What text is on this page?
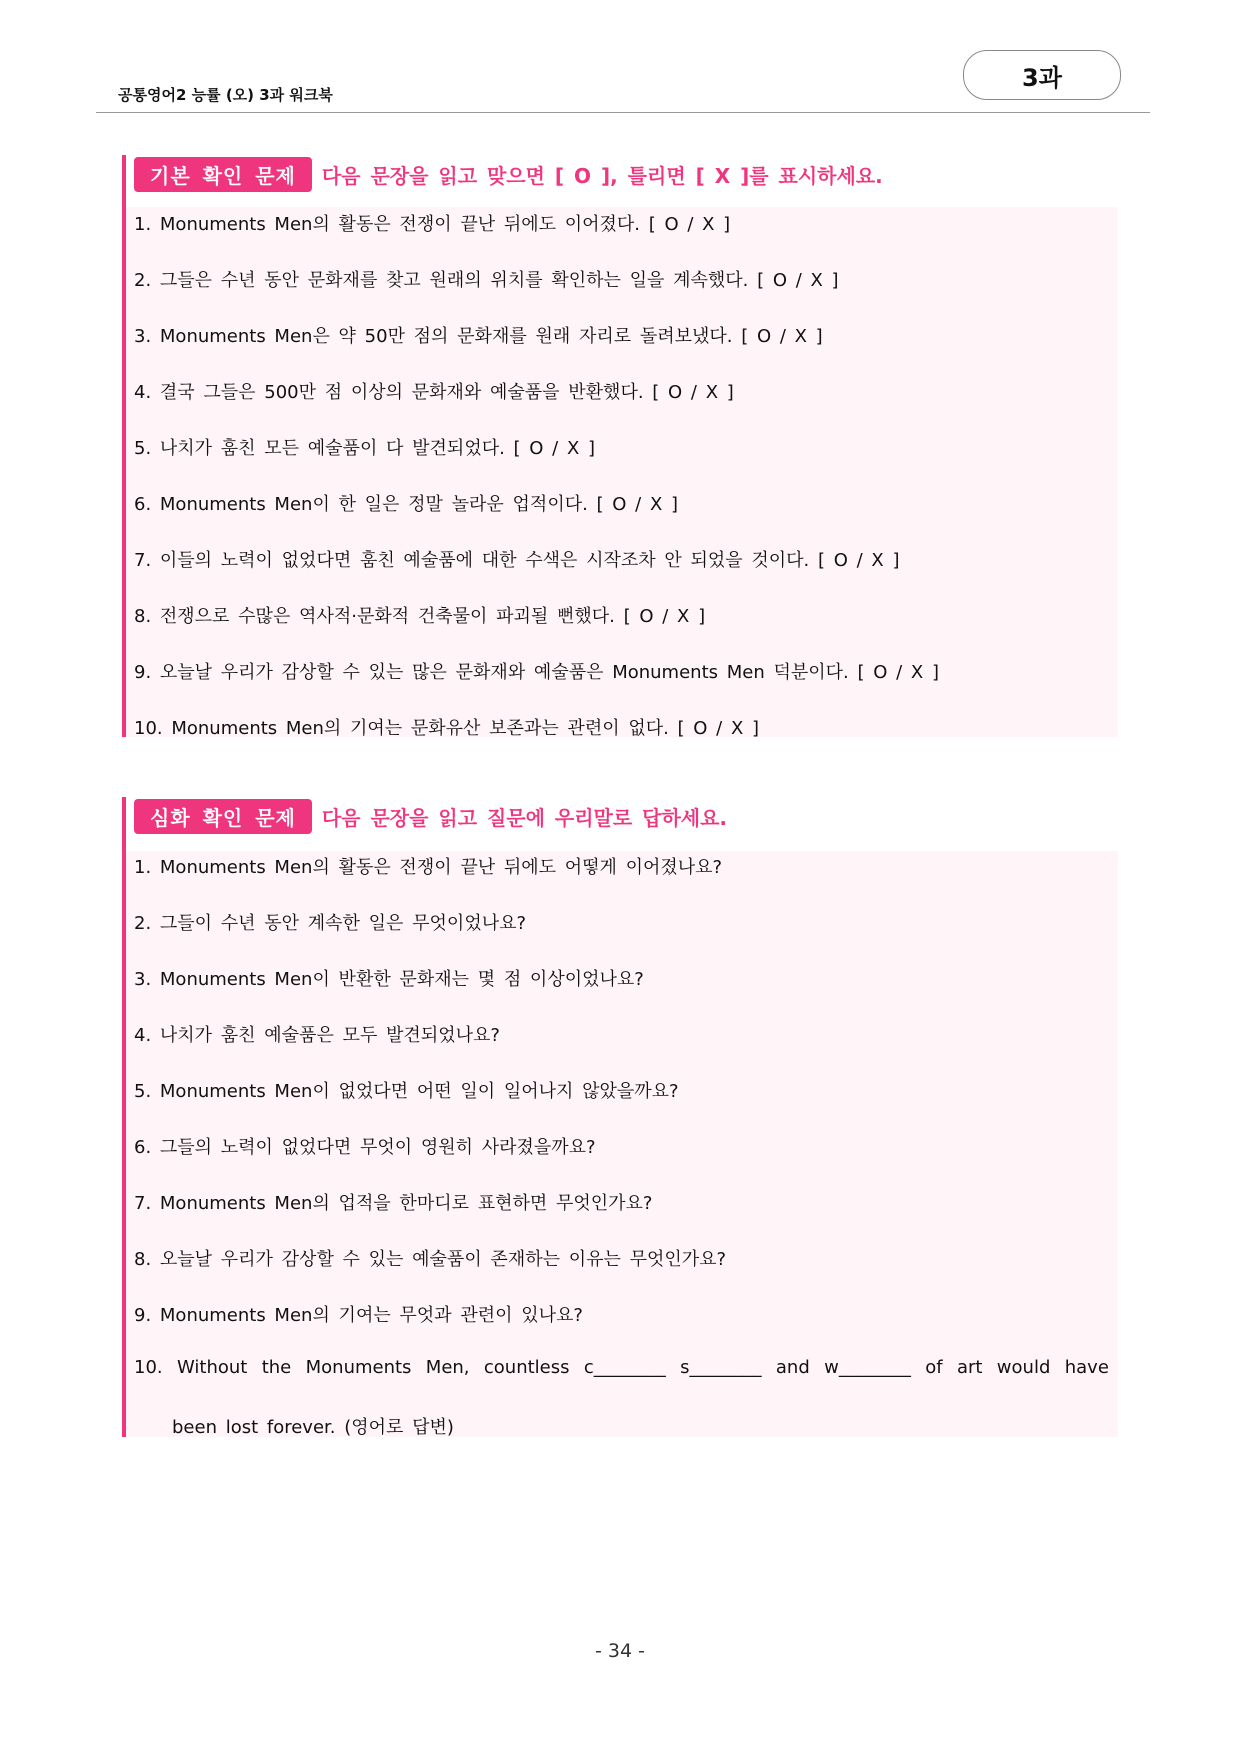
공통영어2 능률 (오) 3과 워크북
3과
기본 확인 문제	다음 문장을 읽고 맞으면 [ O ], 틀리면 [ X ]를 표시하세요.
1. Monuments Men의 활동은 전쟁이 끝난 뒤에도 이어졌다. [ O / X ]
2. 그들은 수년 동안 문화재를 찾고 원래의 위치를 확인하는 일을 계속했다. [ O / X ]
3. Monuments Men은 약 50만 점의 문화재를 원래 자리로 돌려보냈다. [ O / X ]
4. 결국 그들은 500만 점 이상의 문화재와 예술품을 반환했다. [ O / X ]
5. 나치가 훔친 모든 예술품이 다 발견되었다. [ O / X ]
6. Monuments Men이 한 일은 정말 놀라운 업적이다. [ O / X ]
7. 이들의 노력이 없었다면 훔친 예술품에 대한 수색은 시작조차 안 되었을 것이다. [ O / X ]
8. 전쟁으로 수많은 역사적·문화적 건축물이 파괴될 뻔했다. [ O / X ]
9. 오늘날 우리가 감상할 수 있는 많은 문화재와 예술품은 Monuments Men 덕분이다. [ O / X ]
10. Monuments Men의 기여는 문화유산 보존과는 관련이 없다. [ O / X ]
심화 확인 문제	다음 문장을 읽고 질문에 우리말로 답하세요.
10. Without the Monuments Men, countless c________ s________ and w________ of art would have
been lost forever. (영어로 답변)
1. Monuments Men의 활동은 전쟁이 끝난 뒤에도 어떻게 이어졌나요?
2. 그들이 수년 동안 계속한 일은 무엇이었나요?
3. Monuments Men이 반환한 문화재는 몇 점 이상이었나요?
4. 나치가 훔친 예술품은 모두 발견되었나요?
5. Monuments Men이 없었다면 어떤 일이 일어나지 않았을까요?
6. 그들의 노력이 없었다면 무엇이 영원히 사라졌을까요?
7. Monuments Men의 업적을 한마디로 표현하면 무엇인가요?
8. 오늘날 우리가 감상할 수 있는 예술품이 존재하는 이유는 무엇인가요?
9. Monuments Men의 기여는 무엇과 관련이 있나요?
- 34 -
